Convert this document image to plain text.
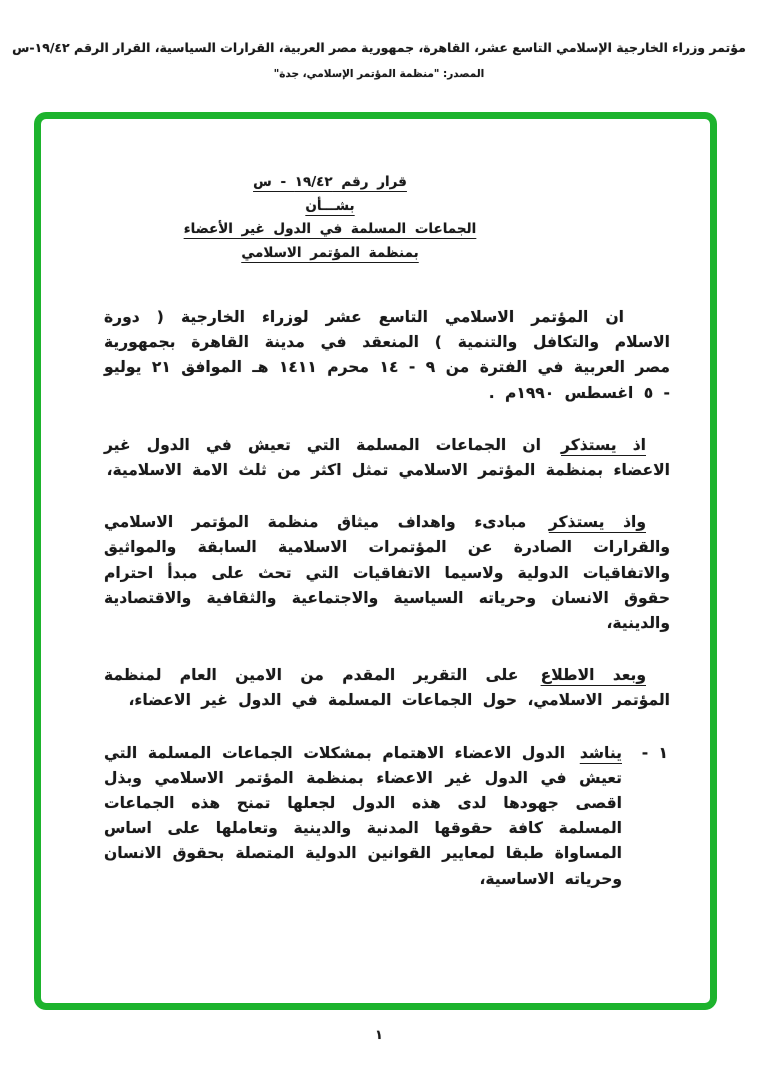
مؤتمر وزراء الخارجية الإسلامي التاسع عشر، القاهرة، جمهورية مصر العربية، القرارات السياسية، القرار الرقم ١٩/٤٢-س
المصدر: "منظمة المؤتمر الإسلامي، جدة"
قرار رقم ١٩/٤٢ - س
بشـــأن
الجماعات المسلمة في الدول غير الأعضاء
بمنظمة المؤتمر الاسلامي

ان المؤتمر الاسلامي التاسع عشر لوزراء الخارجية ( دورة الاسلام والتكافل والتنمية ) المنعقد في مدينة القاهرة بجمهورية مصر العربية في الفترة من ٩ - ١٤ محرم ١٤١١ هـ الموافق ٢١ يوليو - ٥ اغسطس ١٩٩٠م .

اذ يستذكر ان الجماعات المسلمة التي تعيش في الدول غير الاعضاء بمنظمة المؤتمر الاسلامي تمثل اكثر من ثلث الامة الاسلامية،

واذ يستذكر مبادىء واهداف ميثاق منظمة المؤتمر الاسلامي والقرارات الصادرة عن المؤتمرات الاسلامية السابقة والمواثيق والاتفاقيات الدولية ولاسيما الاتفاقيات التي تحث على مبدأ احترام حقوق الانسان وحرياته السياسية والاجتماعية والثقافية والاقتصادية والدينية،

وبعد الاطلاع على التقرير المقدم من الامين العام لمنظمة المؤتمر الاسلامي، حول الجماعات المسلمة في الدول غير الاعضاء،

١ -
يناشد الدول الاعضاء الاهتمام بمشكلات الجماعات المسلمة التي تعيش في الدول غير الاعضاء بمنظمة المؤتمر الاسلامي وبذل اقصى جهودها لدى هذه الدول لجعلها تمنح هذه الجماعات المسلمة كافة حقوقها المدنية والدينية وتعاملها على اساس المساواة طبقا لمعايير القوانين الدولية المتصلة بحقوق الانسان وحرياته الاساسية،
١
